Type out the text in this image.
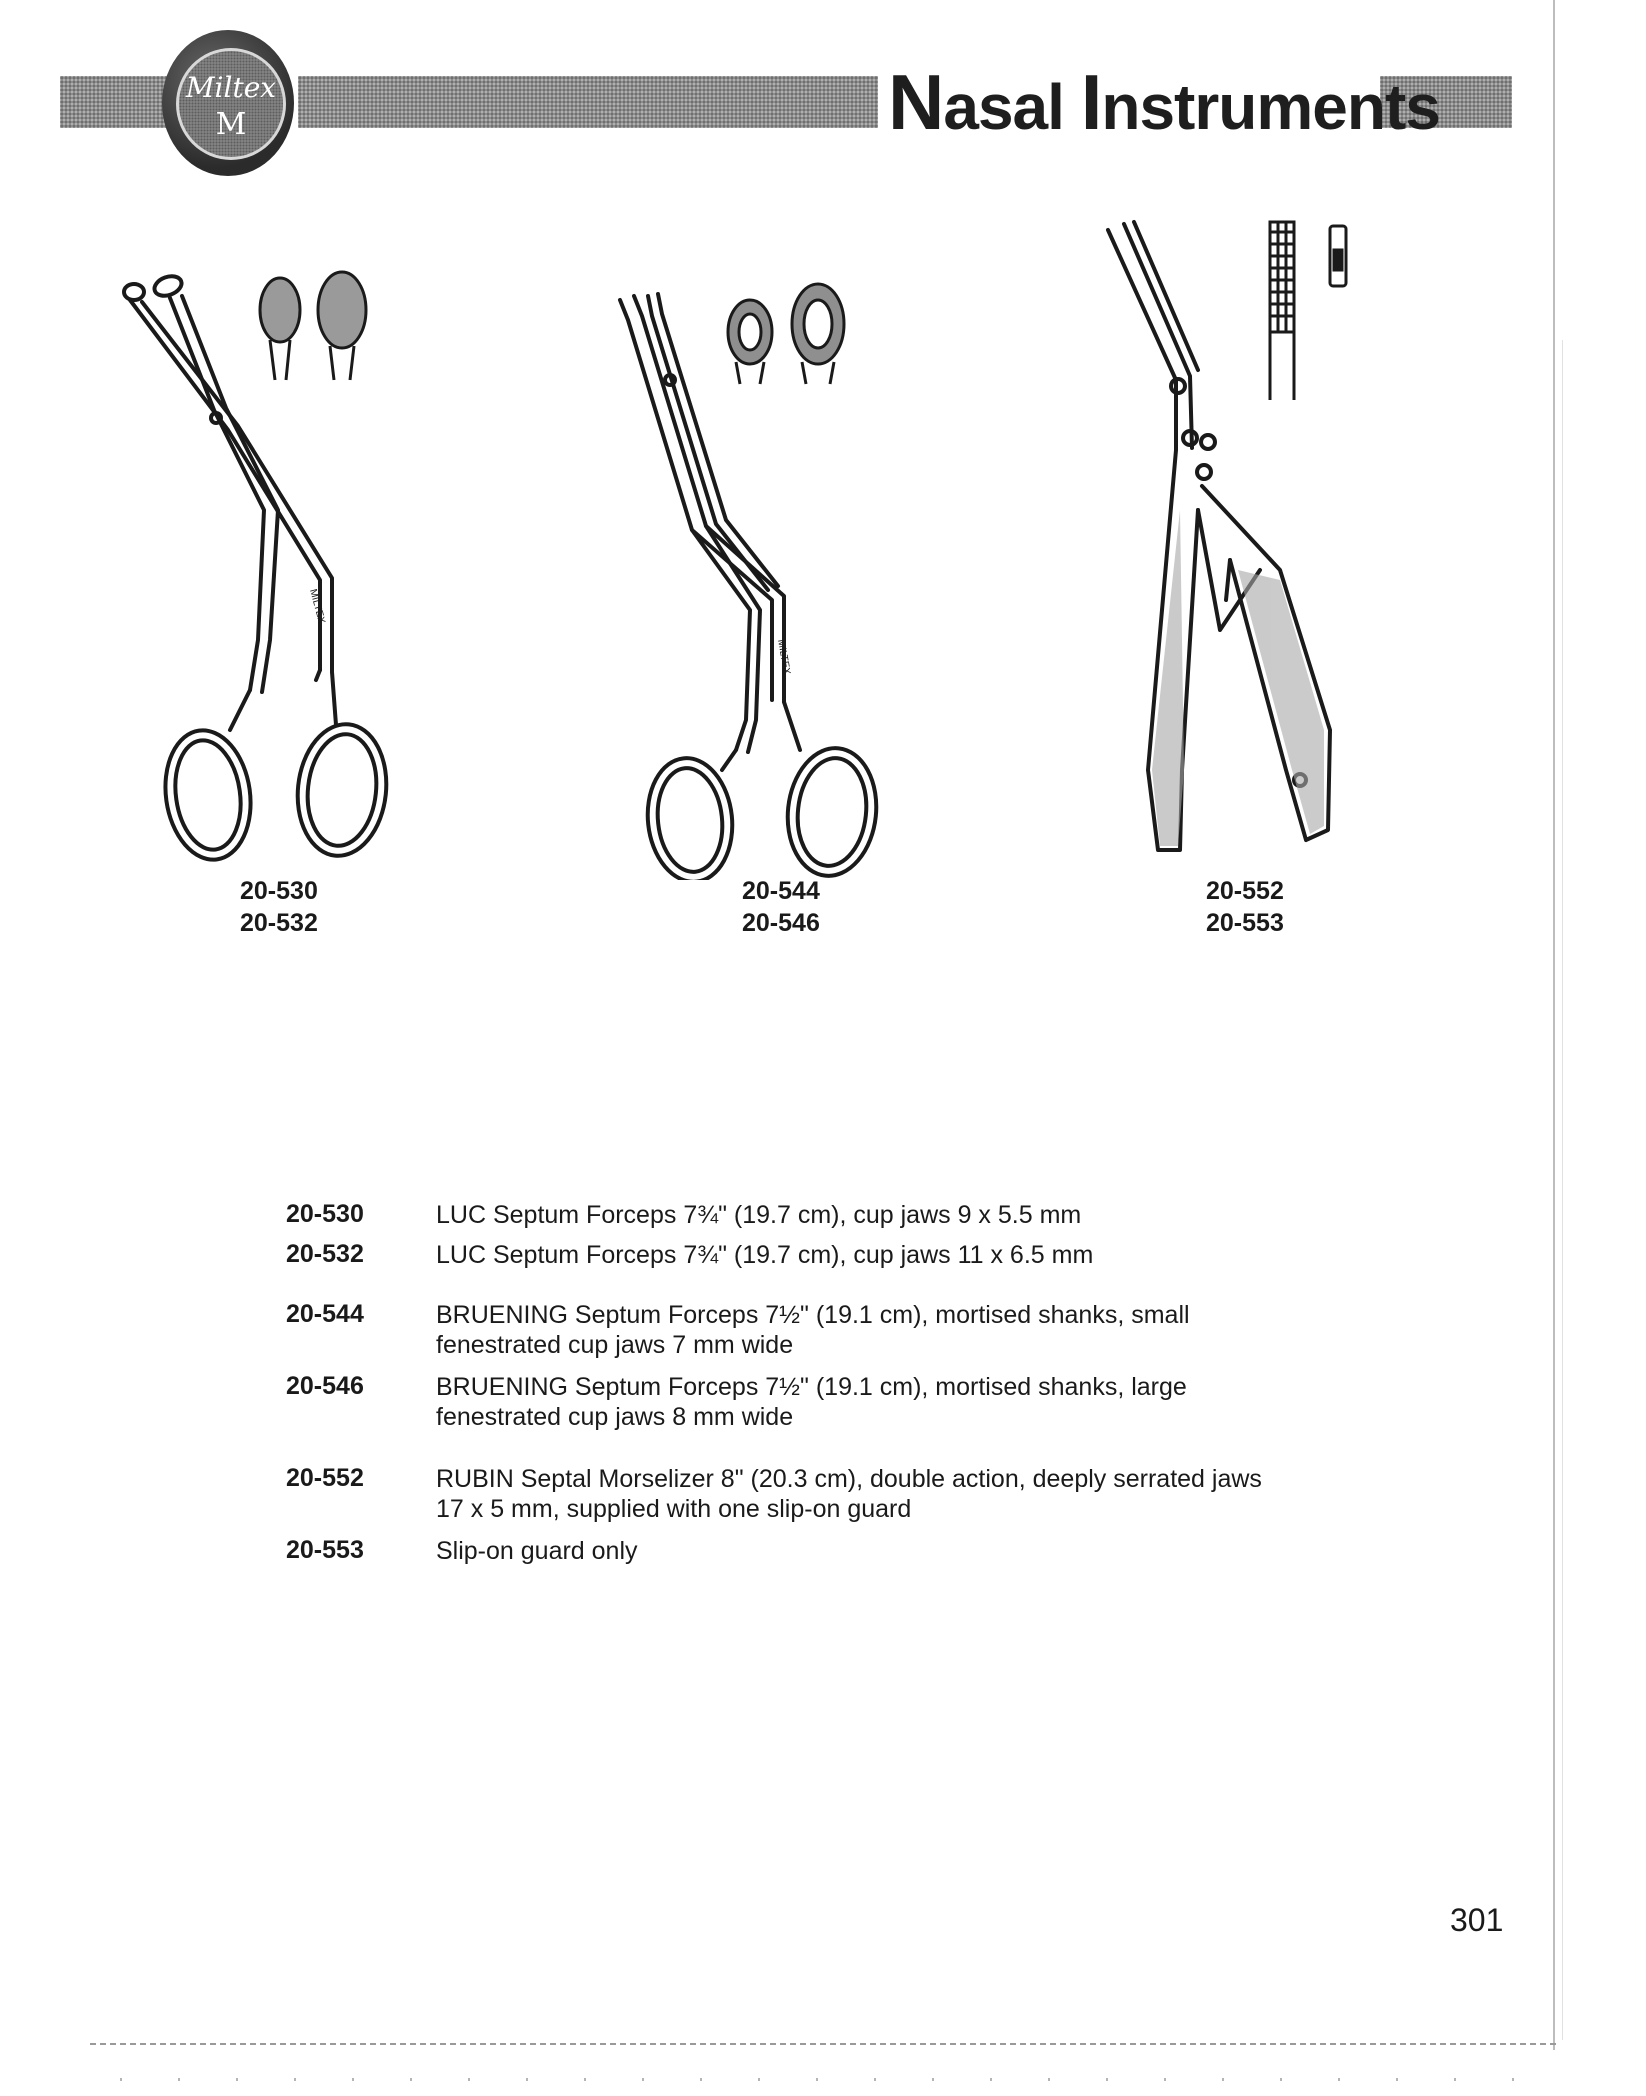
Miltex
M	Nasal Instruments
MILTEX
20-530
20-532
MILTEX
20-544
20-546
20-552
20-553
20-530	LUC Septum Forceps 7¾" (19.7 cm), cup jaws 9 x 5.5 mm
20-532	LUC Septum Forceps 7¾" (19.7 cm), cup jaws 11 x 6.5 mm
20-544	BRUENING Septum Forceps 7½" (19.1 cm), mortised shanks, small
fenestrated cup jaws 7 mm wide
20-546	BRUENING Septum Forceps 7½" (19.1 cm), mortised shanks, large
fenestrated cup jaws 8 mm wide
20-552	RUBIN Septal Morselizer 8" (20.3 cm), double action, deeply serrated jaws
17 x 5 mm, supplied with one slip-on guard
20-553	Slip-on guard only
301
